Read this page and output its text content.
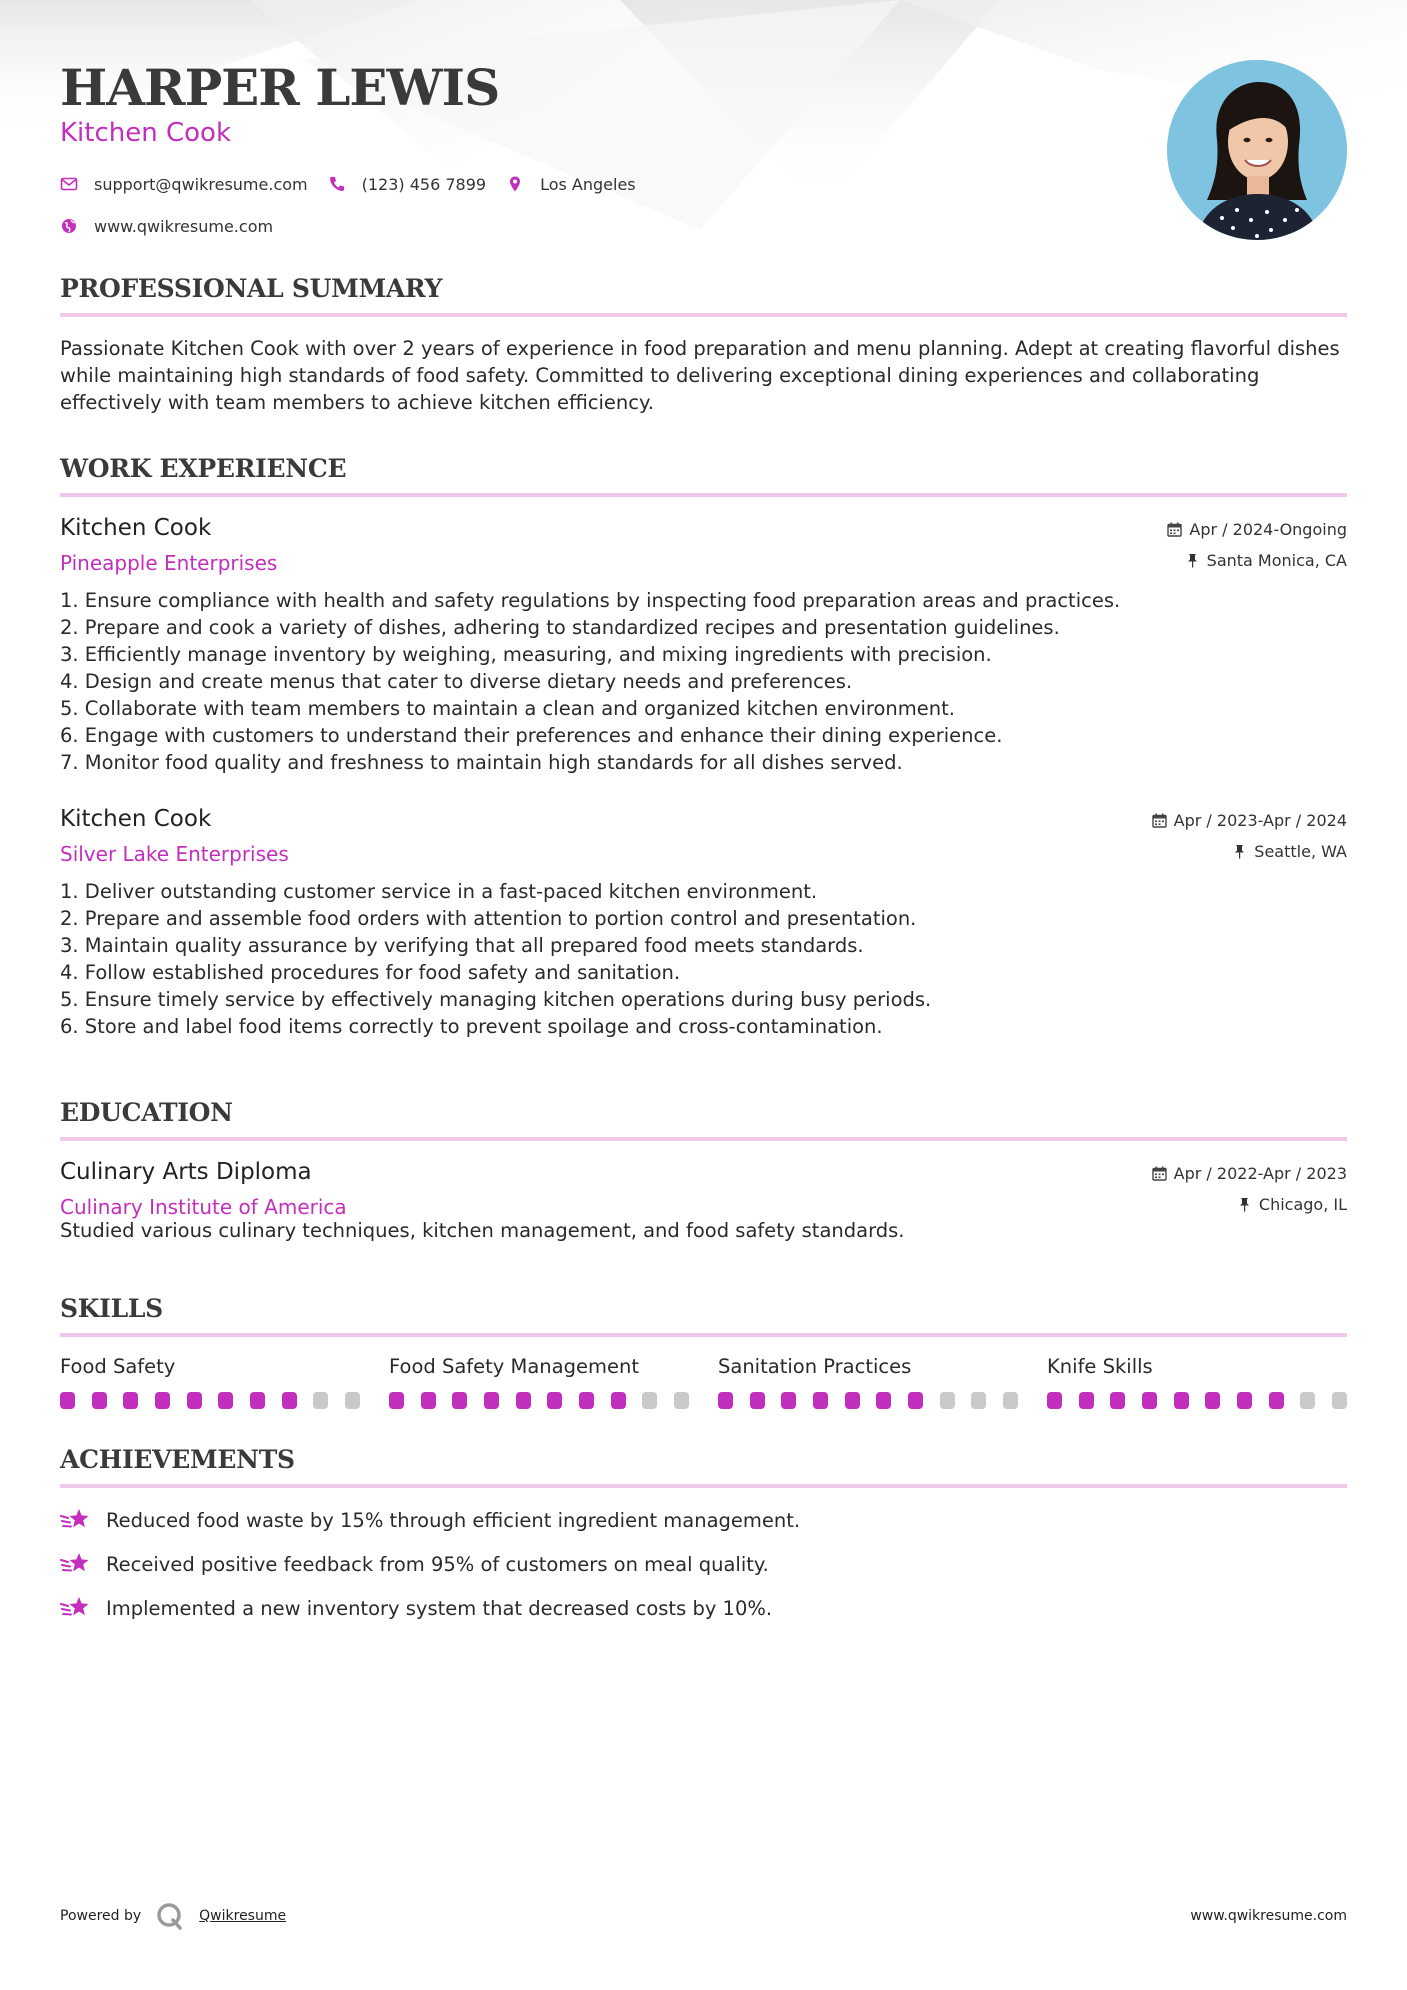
HARPER LEWIS
Kitchen Cook
support@qwikresume.com	(123) 456 7899	Los Angeles
www.qwikresume.com
PROFESSIONAL SUMMARY
Passionate Kitchen Cook with over 2 years of experience in food preparation and menu planning. Adept at creating flavorful dishes while maintaining high standards of food safety. Committed to delivering exceptional dining experiences and collaborating effectively with team members to achieve kitchen efficiency.
WORK EXPERIENCE
Kitchen Cook
Pineapple Enterprises
Apr / 2024-Ongoing
Santa Monica, CA
1. Ensure compliance with health and safety regulations by inspecting food preparation areas and practices.
2. Prepare and cook a variety of dishes, adhering to standardized recipes and presentation guidelines.
3. Efficiently manage inventory by weighing, measuring, and mixing ingredients with precision.
4. Design and create menus that cater to diverse dietary needs and preferences.
5. Collaborate with team members to maintain a clean and organized kitchen environment.
6. Engage with customers to understand their preferences and enhance their dining experience.
7. Monitor food quality and freshness to maintain high standards for all dishes served.
Kitchen Cook
Silver Lake Enterprises
Apr / 2023-Apr / 2024
Seattle, WA
1. Deliver outstanding customer service in a fast-paced kitchen environment.
2. Prepare and assemble food orders with attention to portion control and presentation.
3. Maintain quality assurance by verifying that all prepared food meets standards.
4. Follow established procedures for food safety and sanitation.
5. Ensure timely service by effectively managing kitchen operations during busy periods.
6. Store and label food items correctly to prevent spoilage and cross-contamination.
EDUCATION
Culinary Arts Diploma
Culinary Institute of America
Apr / 2022-Apr / 2023
Chicago, IL
Studied various culinary techniques, kitchen management, and food safety standards.
SKILLS
Food Safety	Food Safety Management	Sanitation Practices	Knife Skills
ACHIEVEMENTS
Reduced food waste by 15% through efficient ingredient management.
Received positive feedback from 95% of customers on meal quality.
Implemented a new inventory system that decreased costs by 10%.
Powered by	Qwikresume	www.qwikresume.com
